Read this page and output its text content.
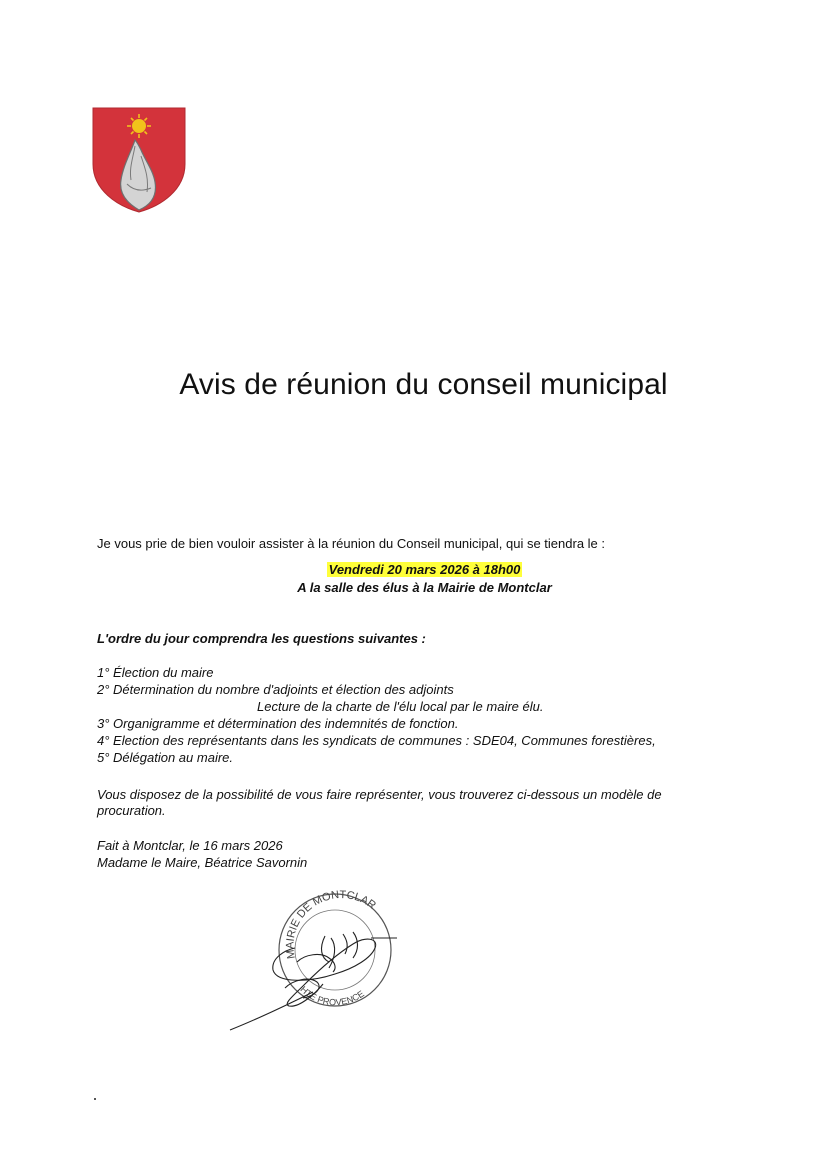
Avis de réunion du conseil municipal

Je vous prie de bien vouloir assister à la réunion du Conseil municipal, qui se tiendra le :

Vendredi 20 mars 2026 à 18h00
A la salle des élus à la Mairie de Montclar

L'ordre du jour comprendra les questions suivantes :

1° Élection du maire
2° Détermination du nombre d'adjoints et élection des adjoints
Lecture de la charte de l'élu local par le maire élu.
3° Organigramme et détermination des indemnités de fonction.
4° Election des représentants dans les syndicats de communes : SDE04, Communes forestières,
5° Délégation au maire.

Vous disposez de la possibilité de vous faire représenter, vous trouverez ci-dessous un modèle de procuration.

Fait à Montclar, le 16 mars 2026
Madame le Maire, Béatrice Savornin
MAIRIE DE MONTCLAR
HTE PROVENCE
